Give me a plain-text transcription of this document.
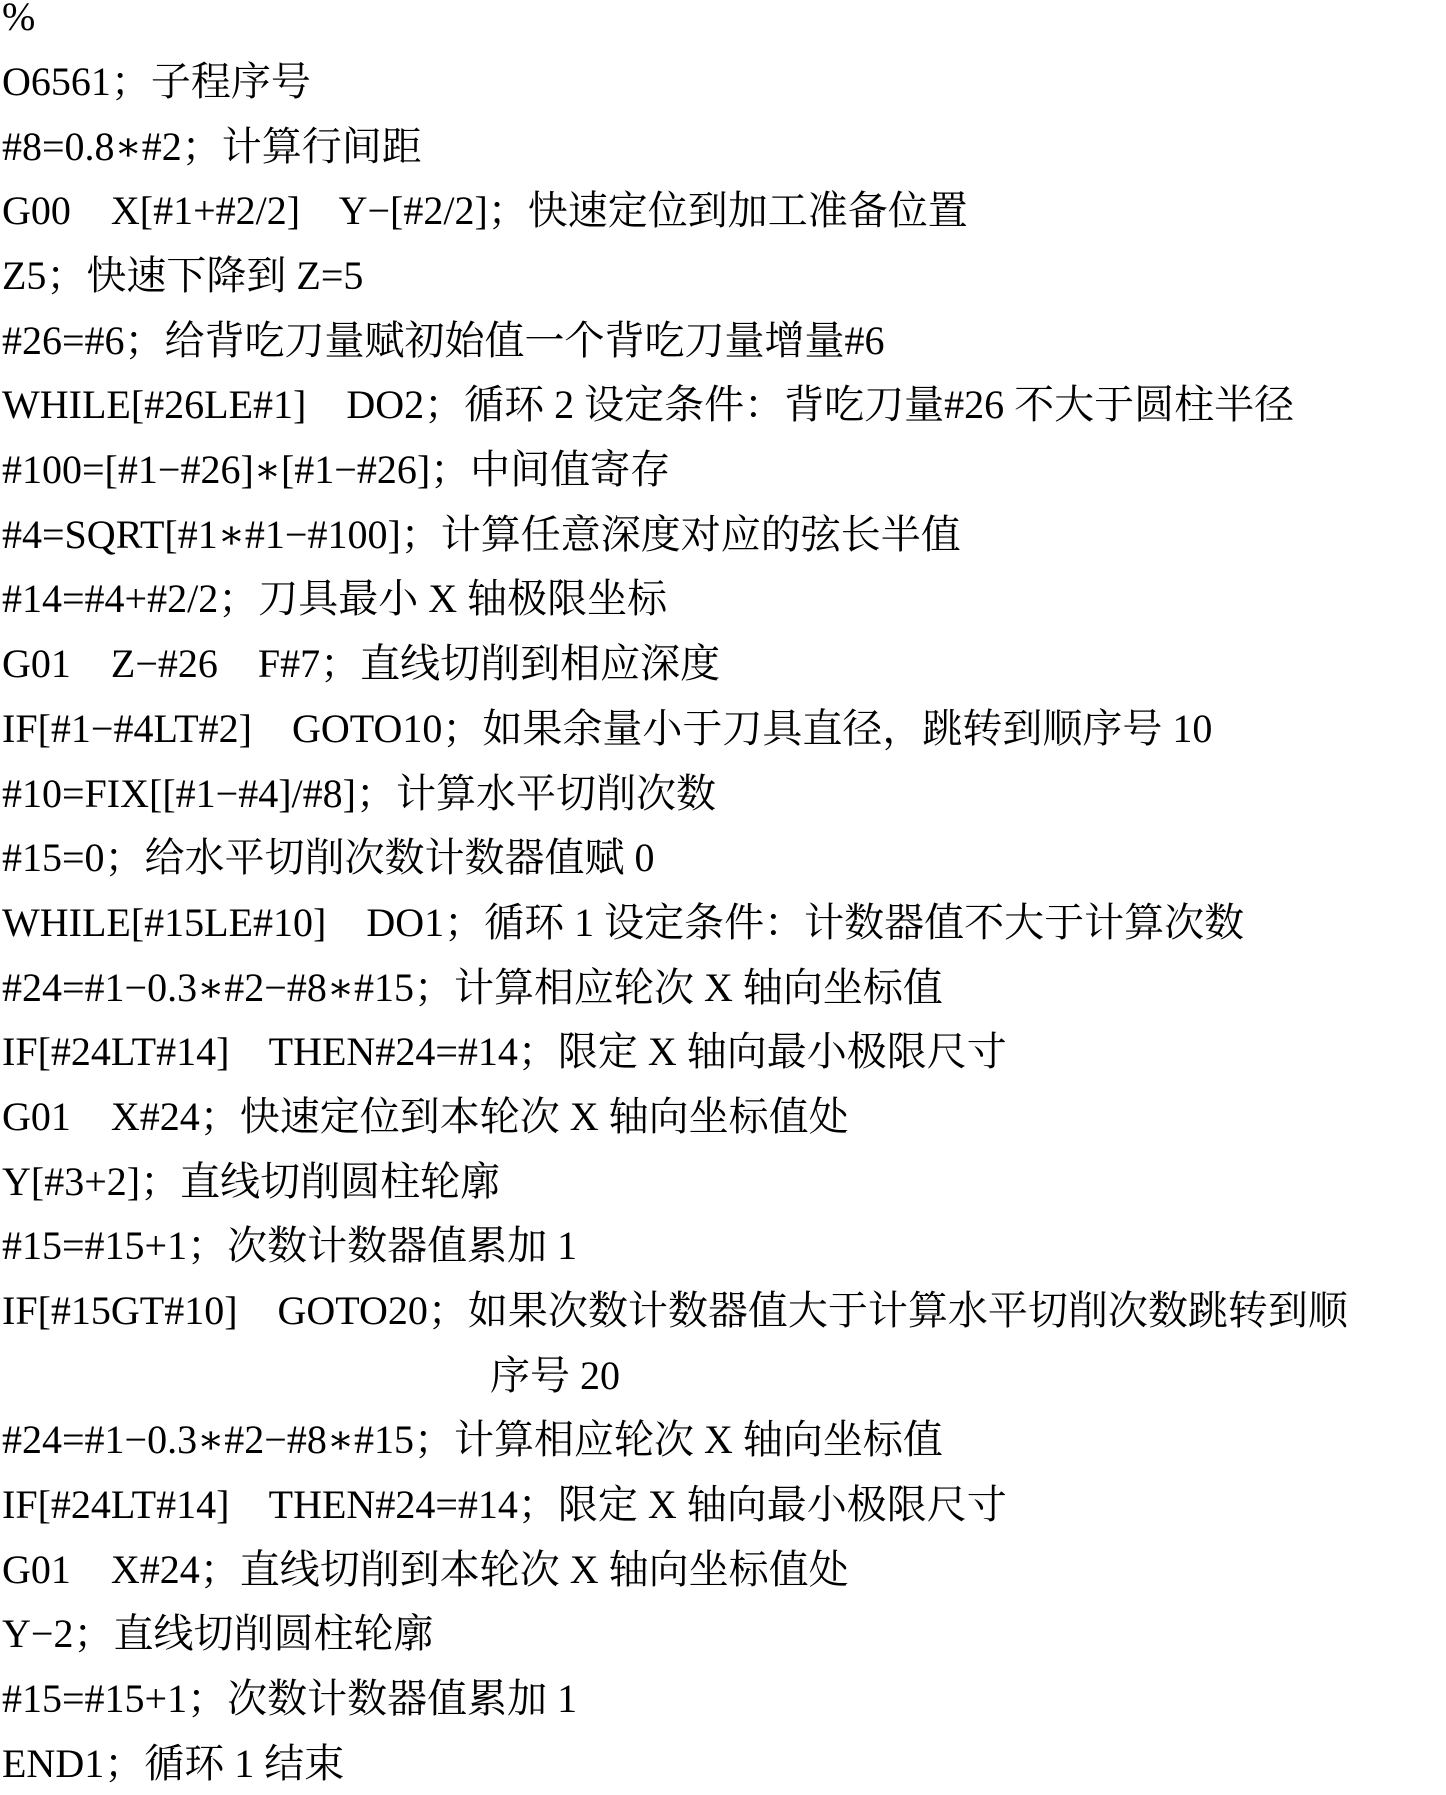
%
O6561；子程序号
#8=0.8∗#2；计算行间距
G00    X[#1+#2/2]    Y−[#2/2]；快速定位到加工准备位置
Z5；快速下降到 Z=5
#26=#6；给背吃刀量赋初始值一个背吃刀量增量#6
WHILE[#26LE#1]    DO2；循环 2 设定条件：背吃刀量#26 不大于圆柱半径
#100=[#1−#26]∗[#1−#26]；中间值寄存
#4=SQRT[#1∗#1−#100]；计算任意深度对应的弦长半值
#14=#4+#2/2；刀具最小 X 轴极限坐标
G01    Z−#26    F#7；直线切削到相应深度
IF[#1−#4LT#2]    GOTO10；如果余量小于刀具直径，跳转到顺序号 10
#10=FIX[[#1−#4]/#8]；计算水平切削次数
#15=0；给水平切削次数计数器值赋 0
WHILE[#15LE#10]    DO1；循环 1 设定条件：计数器值不大于计算次数
#24=#1−0.3∗#2−#8∗#15；计算相应轮次 X 轴向坐标值
IF[#24LT#14]    THEN#24=#14；限定 X 轴向最小极限尺寸
G01    X#24；快速定位到本轮次 X 轴向坐标值处
Y[#3+2]；直线切削圆柱轮廓
#15=#15+1；次数计数器值累加 1
IF[#15GT#10]    GOTO20；如果次数计数器值大于计算水平切削次数跳转到顺
序号 20
#24=#1−0.3∗#2−#8∗#15；计算相应轮次 X 轴向坐标值
IF[#24LT#14]    THEN#24=#14；限定 X 轴向最小极限尺寸
G01    X#24；直线切削到本轮次 X 轴向坐标值处
Y−2；直线切削圆柱轮廓
#15=#15+1；次数计数器值累加 1
END1；循环 1 结束
